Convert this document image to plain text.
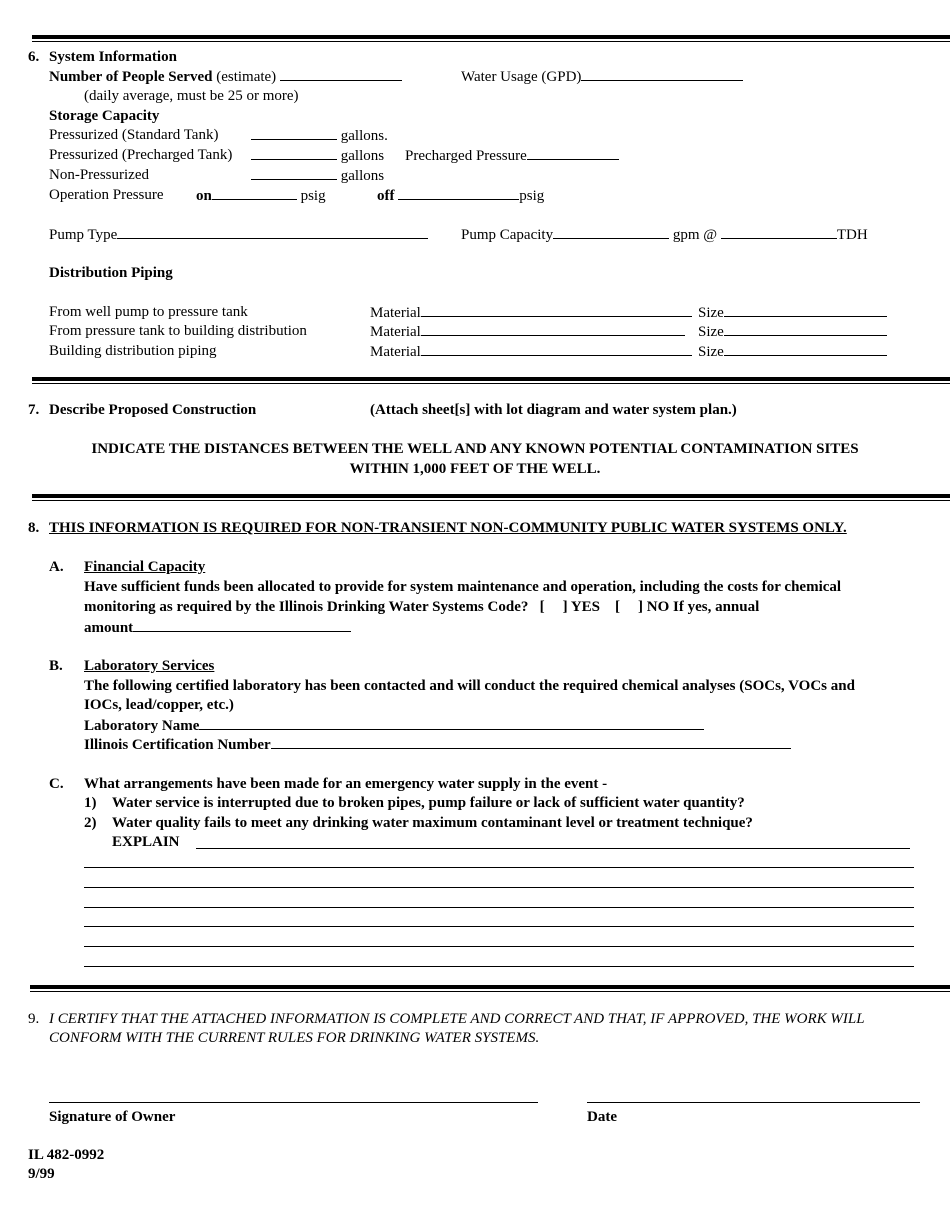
6. System Information
Number of People Served (estimate)	Water Usage (GPD)
(daily average, must be 25 or more)
Storage Capacity
Pressurized (Standard Tank)	gallons.
Pressurized (Precharged Tank)	gallons Precharged Pressure
Non-Pressurized	gallons
Operation Pressure on	psig	off	psig
Pump Type	Pump Capacity	gpm @	TDH
Distribution Piping
From well pump to pressure tank	Material	Size
From pressure tank to building distribution	Material	Size
Building distribution piping	Material	Size
7. Describe Proposed Construction	(Attach sheet[s] with lot diagram and water system plan.)
INDICATE THE DISTANCES BETWEEN THE WELL AND ANY KNOWN POTENTIAL CONTAMINATION SITES
WITHIN 1,000 FEET OF THE WELL.
8. THIS INFORMATION IS REQUIRED FOR NON-TRANSIENT NON-COMMUNITY PUBLIC WATER SYSTEMS ONLY.
A. Financial Capacity
Have sufficient funds been allocated to provide for system maintenance and operation, including the costs for chemical
monitoring as required by the Illinois Drinking Water Systems Code? [ ] YES [ ] NO If yes, annual
amount
B. Laboratory Services
The following certified laboratory has been contacted and will conduct the required chemical analyses (SOCs, VOCs and
IOCs, lead/copper, etc.)
Laboratory Name
Illinois Certification Number
C. What arrangements have been made for an emergency water supply in the event -
1) Water service is interrupted due to broken pipes, pump failure or lack of sufficient water quantity?
2) Water quality fails to meet any drinking water maximum contaminant level or treatment technique?
EXPLAIN
9. I CERTIFY THAT THE ATTACHED INFORMATION IS COMPLETE AND CORRECT AND THAT, IF APPROVED, THE WORK WILL
CONFORM WITH THE CURRENT RULES FOR DRINKING WATER SYSTEMS.
Signature of Owner	Date
IL 482-0992
9/99
